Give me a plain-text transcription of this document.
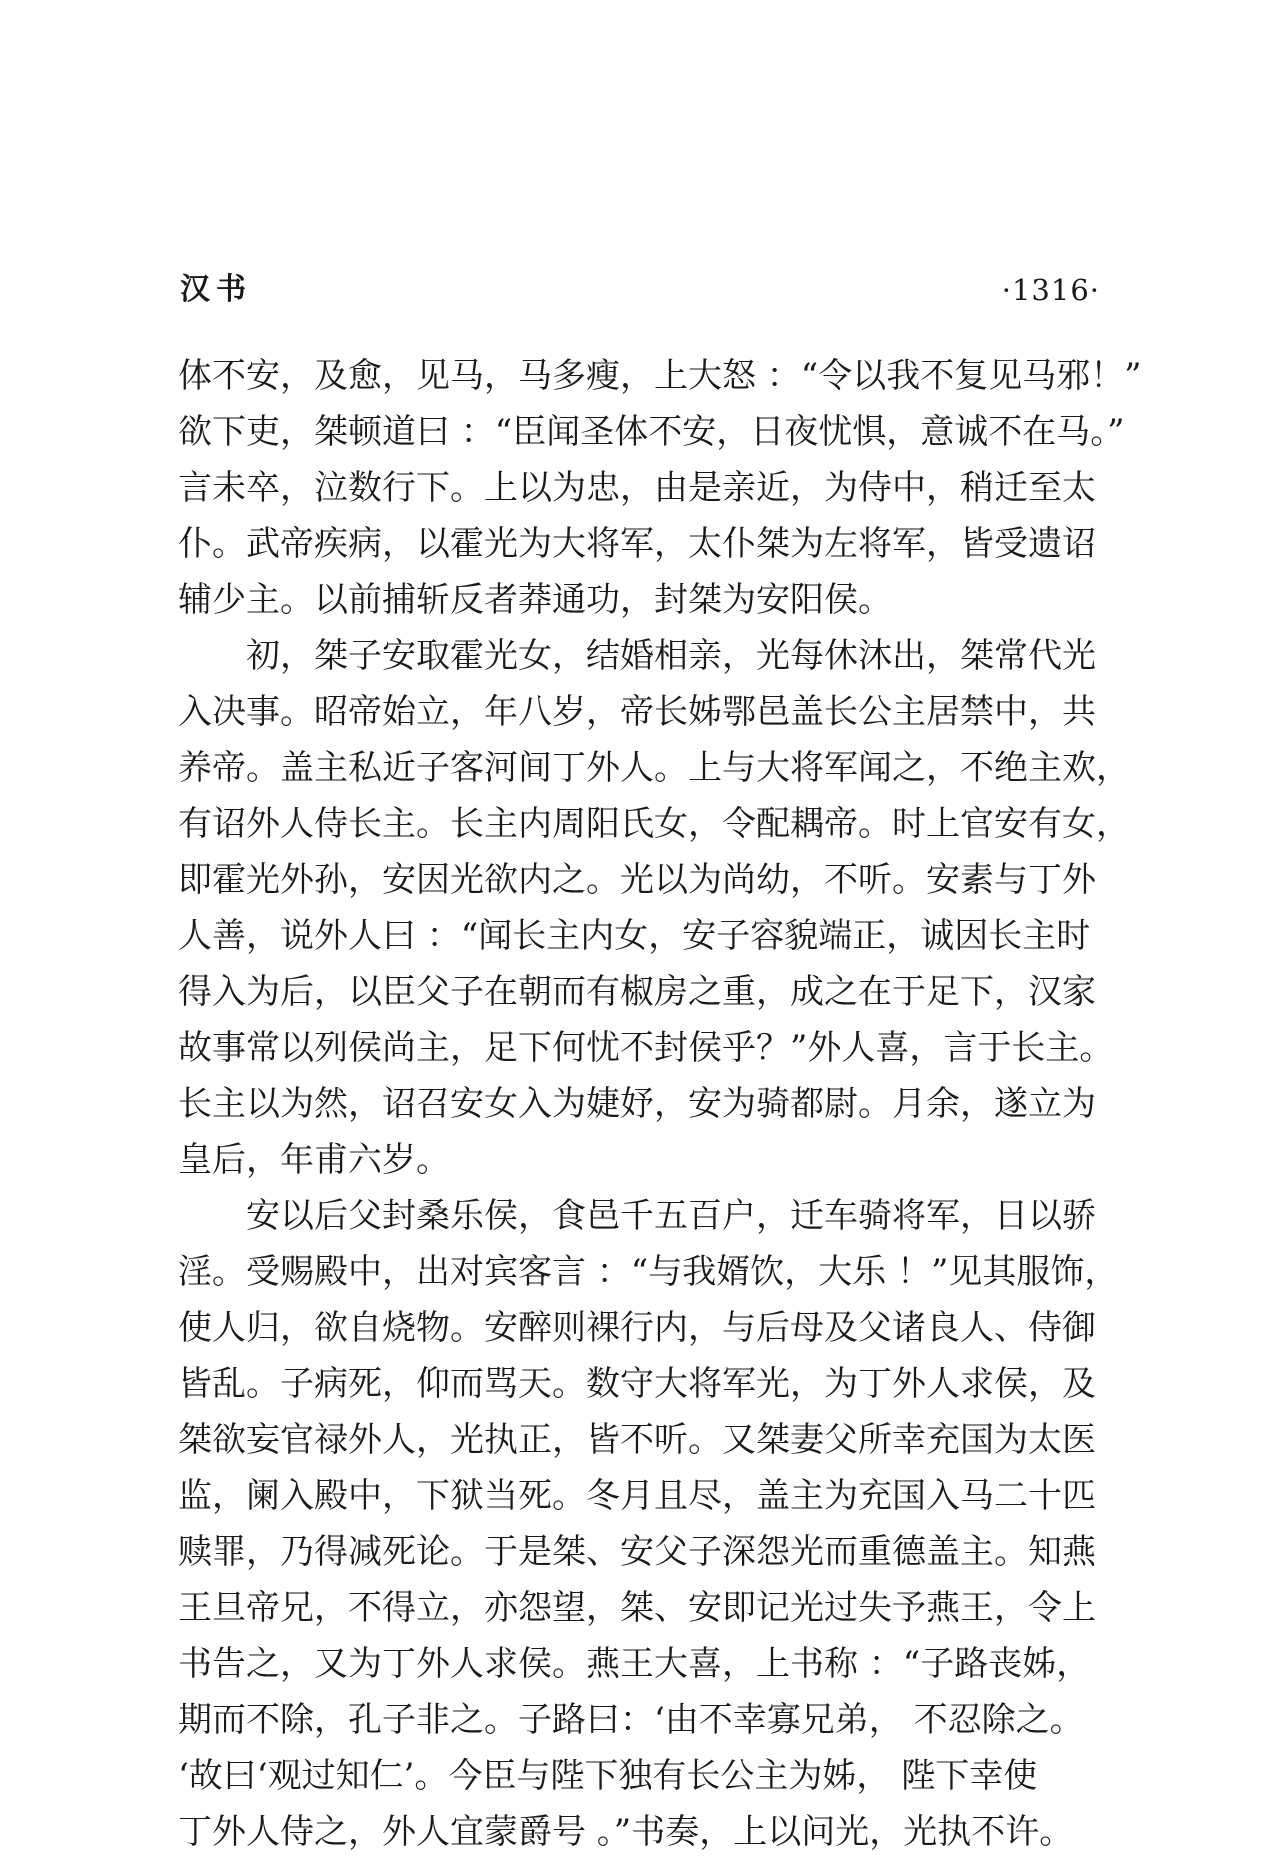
汉书	·1316·
体不安，及愈，见马，马多瘦，上大怒 ：“令以我不复见马邪！”
欲下吏，桀顿道曰 ：“臣闻圣体不安，日夜忧惧，意诚不在马。”
言未卒，泣数行下。上以为忠，由是亲近，为侍中，稍迁至太
仆。武帝疾病，以霍光为大将军，太仆桀为左将军，皆受遗诏
辅少主。以前捕斩反者莽通功，封桀为安阳侯。
　　初，桀子安取霍光女，结婚相亲，光每休沐出，桀常代光
入决事。昭帝始立，年八岁，帝长姊鄂邑盖长公主居禁中，共
养帝。盖主私近子客河间丁外人。上与大将军闻之，不绝主欢，
有诏外人侍长主。长主内周阳氏女，令配耦帝。时上官安有女，
即霍光外孙，安因光欲内之。光以为尚幼，不听。安素与丁外
人善，说外人曰 ：“闻长主内女，安子容貌端正，诚因长主时
得入为后，以臣父子在朝而有椒房之重，成之在于足下，汉家
故事常以列侯尚主，足下何忧不封侯乎？”外人喜，言于长主。
长主以为然，诏召安女入为婕妤，安为骑都尉。月余，遂立为
皇后，年甫六岁。
　　安以后父封桑乐侯，食邑千五百户，迁车骑将军，日以骄
淫。受赐殿中，出对宾客言 ：“与我婿饮，大乐 ！”见其服饰，
使人归，欲自烧物。安醉则裸行内，与后母及父诸良人、侍御
皆乱。子病死，仰而骂天。数守大将军光，为丁外人求侯，及
桀欲妄官禄外人，光执正，皆不听。又桀妻父所幸充国为太医
监，阑入殿中，下狱当死。冬月且尽，盖主为充国入马二十匹
赎罪，乃得减死论。于是桀、安父子深怨光而重德盖主。知燕
王旦帝兄，不得立，亦怨望，桀、安即记光过失予燕王，令上
书告之，又为丁外人求侯。燕王大喜，上书称 ：“子路丧姊，
期而不除，孔子非之。子路曰：‘由不幸寡兄弟， 不忍除之。
‘故曰‘观过知仁’。今臣与陛下独有长公主为姊， 陛下幸使
丁外人侍之，外人宜蒙爵号 。”书奏，上以问光，光执不许。
